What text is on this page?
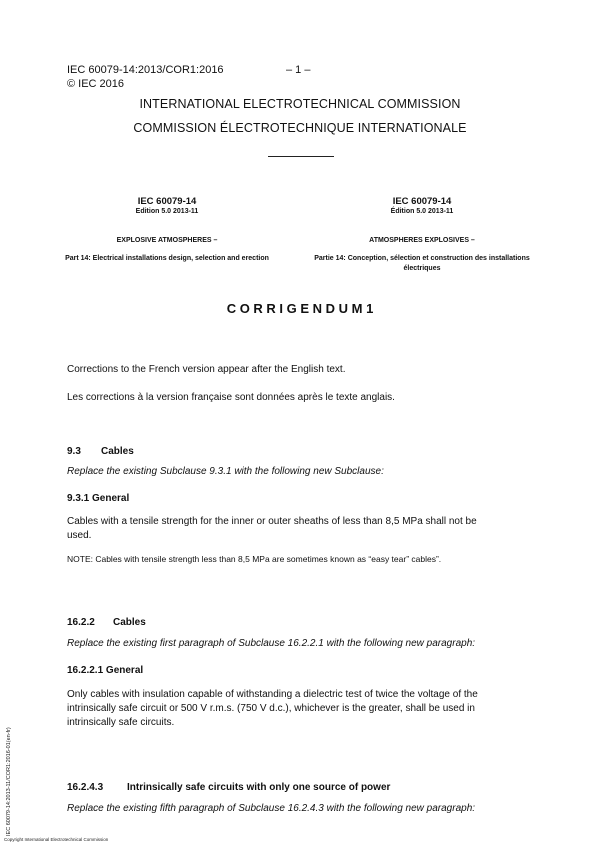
IEC 60079-14:2013/COR1:2016	– 1 –
© IEC 2016
INTERNATIONAL ELECTROTECHNICAL COMMISSION
COMMISSION ÉLECTROTECHNIQUE INTERNATIONALE
IEC 60079-14
Edition 5.0 2013-11
EXPLOSIVE ATMOSPHERES –
Part 14: Electrical installations design, selection and erection
IEC 60079-14
Édition 5.0 2013-11
ATMOSPHERES EXPLOSIVES –
Partie 14: Conception, sélection et construction des installations électriques
C O R R I G E N D U M 1
Corrections to the French version appear after the English text.
Les corrections à la version française sont données après le texte anglais.
9.3 Cables
Replace the existing Subclause 9.3.1 with the following new Subclause:
9.3.1 General
Cables with a tensile strength for the inner or outer sheaths of less than 8,5 MPa shall not be
used.
NOTE: Cables with tensile strength less than 8,5 MPa are sometimes known as “easy tear” cables”.
16.2.2 Cables
Replace the existing first paragraph of Subclause 16.2.2.1 with the following new paragraph:
16.2.2.1 General
Only cables with insulation capable of withstanding a dielectric test of twice the voltage of the
intrinsically safe circuit or 500 V r.m.s. (750 V d.c.), whichever is the greater, shall be used in
intrinsically safe circuits.
16.2.4.3 Intrinsically safe circuits with only one source of power
Replace the existing fifth paragraph of Subclause 16.2.4.3 with the following new paragraph:
IEC 60079-14:2013-11/COR1:2016-01(en-fr)
Copyright International Electrotechnical Commission
